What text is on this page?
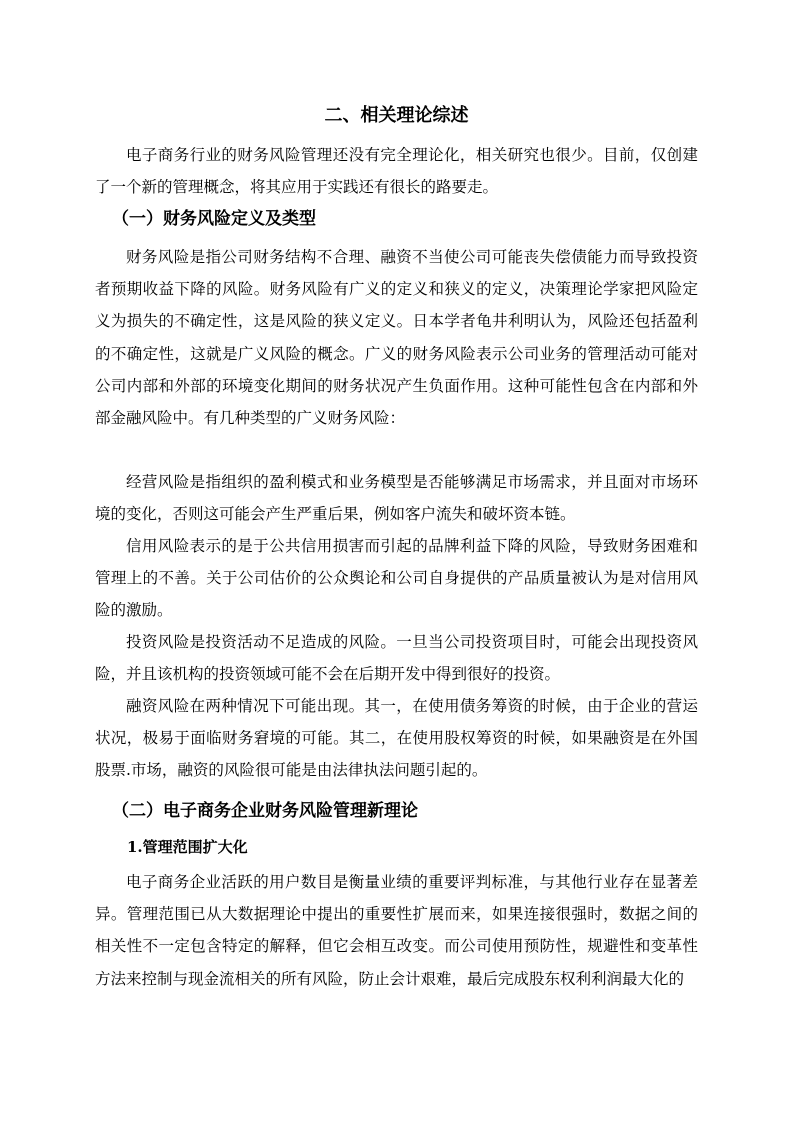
二、相关理论综述

电子商务行业的财务风险管理还没有完全理论化，相关研究也很少。目前，仅创建了一个新的管理概念，将其应用于实践还有很长的路要走。

（一）财务风险定义及类型

财务风险是指公司财务结构不合理、融资不当使公司可能丧失偿债能力而导致投资者预期收益下降的风险。财务风险有广义的定义和狭义的定义，决策理论学家把风险定义为损失的不确定性，这是风险的狭义定义。日本学者龟井利明认为，风险还包括盈利的不确定性，这就是广义风险的概念。广义的财务风险表示公司业务的管理活动可能对公司内部和外部的环境变化期间的财务状况产生负面作用。这种可能性包含在内部和外部金融风险中。有几种类型的广义财务风险：

经营风险是指组织的盈利模式和业务模型是否能够满足市场需求，并且面对市场环境的变化，否则这可能会产生严重后果，例如客户流失和破坏资本链。

信用风险表示的是于公共信用损害而引起的品牌利益下降的风险，导致财务困难和管理上的不善。关于公司估价的公众舆论和公司自身提供的产品质量被认为是对信用风险的激励。

投资风险是投资活动不足造成的风险。一旦当公司投资项目时，可能会出现投资风险，并且该机构的投资领域可能不会在后期开发中得到很好的投资。

融资风险在两种情况下可能出现。其一，在使用债务筹资的时候，由于企业的营运状况，极易于面临财务窘境的可能。其二，在使用股权筹资的时候，如果融资是在外国股票.市场，融资的风险很可能是由法律执法问题引起的。

（二）电子商务企业财务风险管理新理论
1.管理范围扩大化

电子商务企业活跃的用户数目是衡量业绩的重要评判标准，与其他行业存在显著差异。管理范围已从大数据理论中提出的重要性扩展而来，如果连接很强时，数据之间的相关性不一定包含特定的解释，但它会相互改变。而公司使用预防性，规避性和变革性方法来控制与现金流相关的所有风险，防止会计艰难，最后完成股东权利利润最大化的
